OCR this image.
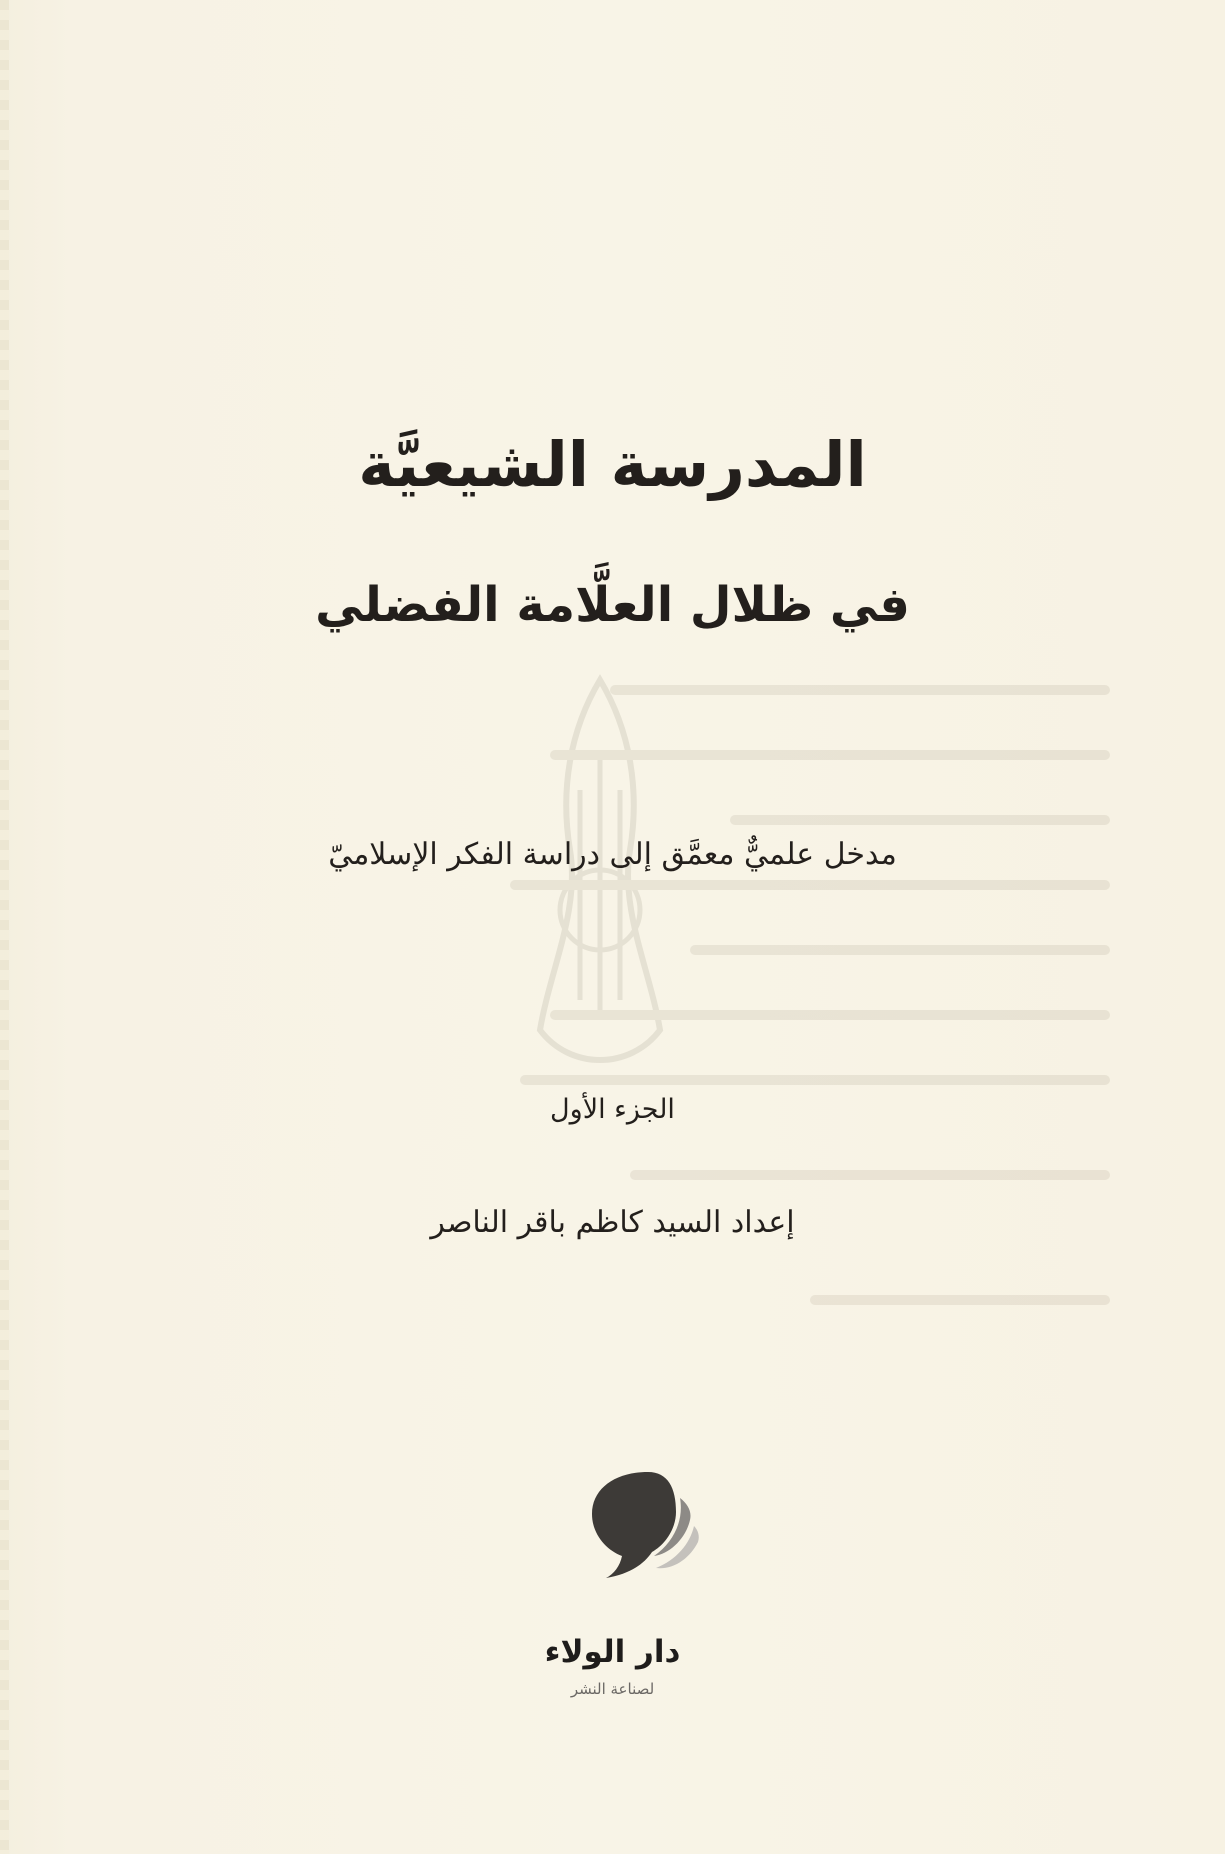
المدرسة الشيعيَّة
في ظلال العلَّامة الفضلي
مدخل علميٌّ معمَّق إلى دراسة الفكر الإسلاميّ
الجزء الأول
إعداد السيد كاظم باقر الناصر
دار الولاء
لصناعة النشر
